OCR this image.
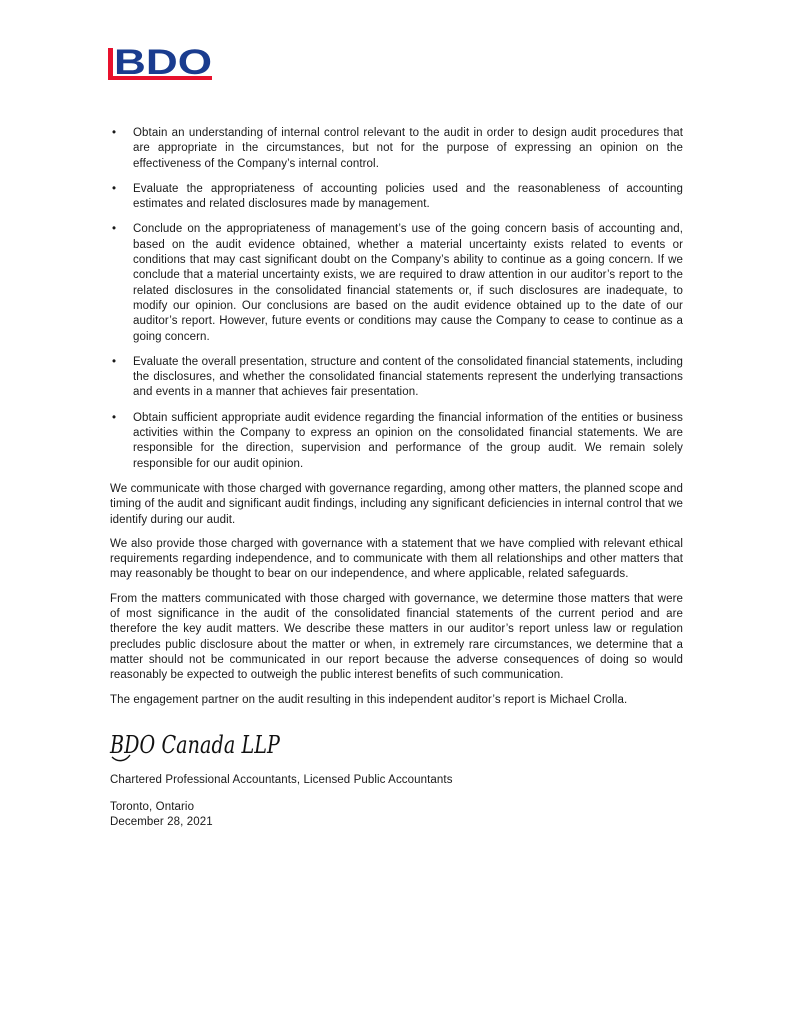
BDO
• Obtain an understanding of internal control relevant to the audit in order to design audit procedures that are appropriate in the circumstances, but not for the purpose of expressing an opinion on the effectiveness of the Company’s internal control.
• Evaluate the appropriateness of accounting policies used and the reasonableness of accounting estimates and related disclosures made by management.
• Conclude on the appropriateness of management’s use of the going concern basis of accounting and, based on the audit evidence obtained, whether a material uncertainty exists related to events or conditions that may cast significant doubt on the Company’s ability to continue as a going concern. If we conclude that a material uncertainty exists, we are required to draw attention in our auditor’s report to the related disclosures in the consolidated financial statements or, if such disclosures are inadequate, to modify our opinion. Our conclusions are based on the audit evidence obtained up to the date of our auditor’s report. However, future events or conditions may cause the Company to cease to continue as a going concern.
• Evaluate the overall presentation, structure and content of the consolidated financial statements, including the disclosures, and whether the consolidated financial statements represent the underlying transactions and events in a manner that achieves fair presentation.
• Obtain sufficient appropriate audit evidence regarding the financial information of the entities or business activities within the Company to express an opinion on the consolidated financial statements. We are responsible for the direction, supervision and performance of the group audit. We remain solely responsible for our audit opinion.

We communicate with those charged with governance regarding, among other matters, the planned scope and timing of the audit and significant audit findings, including any significant deficiencies in internal control that we identify during our audit.

We also provide those charged with governance with a statement that we have complied with relevant ethical requirements regarding independence, and to communicate with them all relationships and other matters that may reasonably be thought to bear on our independence, and where applicable, related safeguards.

From the matters communicated with those charged with governance, we determine those matters that were of most significance in the audit of the consolidated financial statements of the current period and are therefore the key audit matters. We describe these matters in our auditor’s report unless law or regulation precludes public disclosure about the matter or when, in extremely rare circumstances, we determine that a matter should not be communicated in our report because the adverse consequences of doing so would reasonably be expected to outweigh the public interest benefits of such communication.

The engagement partner on the audit resulting in this independent auditor’s report is Michael Crolla.

BDO Canada LLP

Chartered Professional Accountants, Licensed Public Accountants

Toronto, Ontario
December 28, 2021
